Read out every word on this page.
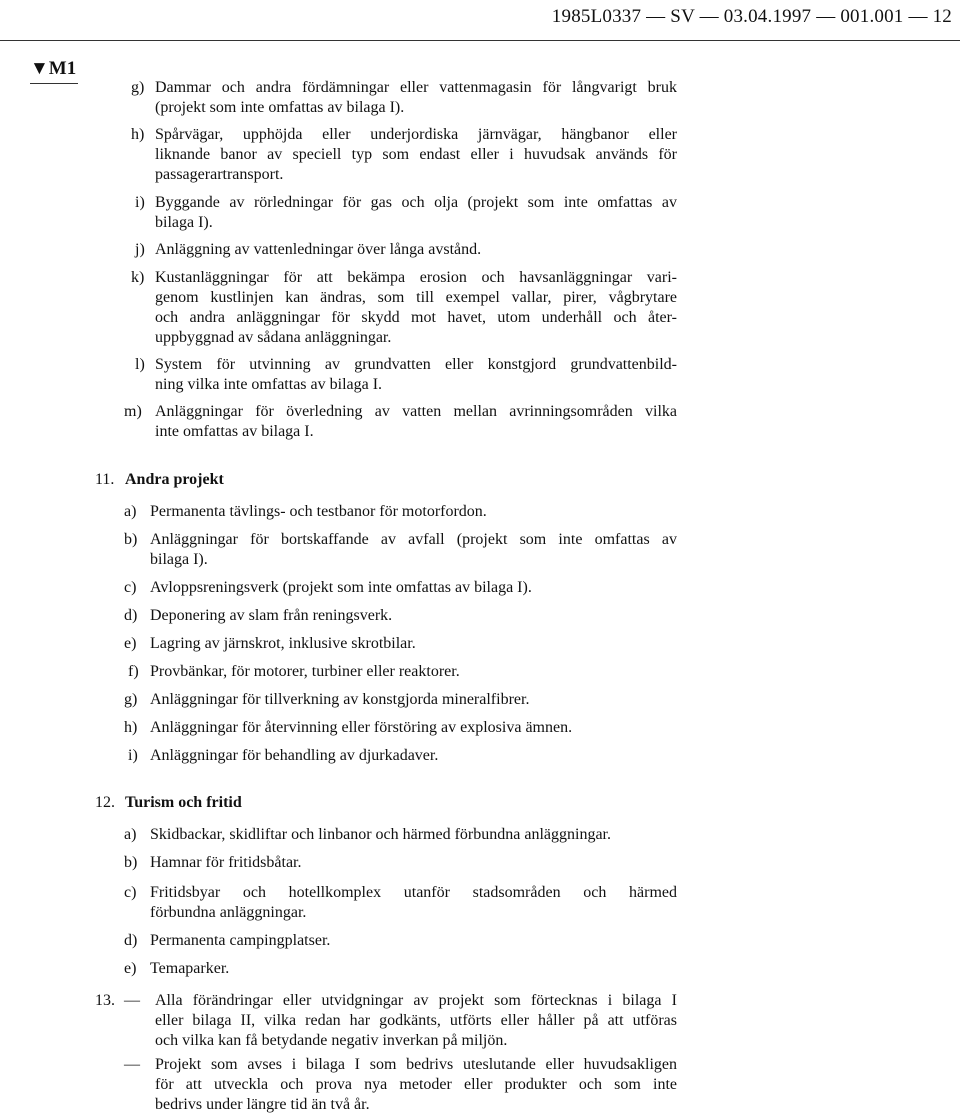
1985L0337 — SV — 03.04.1997 — 001.001 — 12
▼M1
g) Dammar och andra fördämningar eller vattenmagasin för långvarigt bruk
(projekt som inte omfattas av bilaga I).
h) Spårvägar, upphöjda eller underjordiska järnvägar, hängbanor eller
liknande banor av speciell typ som endast eller i huvudsak används för
passagerartransport.
i) Byggande av rörledningar för gas och olja (projekt som inte omfattas av
bilaga I).
j) Anläggning av vattenledningar över långa avstånd.
k) Kustanläggningar för att bekämpa erosion och havsanläggningar vari-
genom kustlinjen kan ändras, som till exempel vallar, pirer, vågbrytare
och andra anläggningar för skydd mot havet, utom underhåll och åter-
uppbyggnad av sådana anläggningar.
l) System för utvinning av grundvatten eller konstgjord grundvattenbild-
ning vilka inte omfattas av bilaga I.
m) Anläggningar för överledning av vatten mellan avrinningsområden vilka
inte omfattas av bilaga I.
11. Andra projekt
a) Permanenta tävlings- och testbanor för motorfordon.
b) Anläggningar för bortskaffande av avfall (projekt som inte omfattas av
bilaga I).
c) Avloppsreningsverk (projekt som inte omfattas av bilaga I).
d) Deponering av slam från reningsverk.
e) Lagring av järnskrot, inklusive skrotbilar.
f) Provbänkar, för motorer, turbiner eller reaktorer.
g) Anläggningar för tillverkning av konstgjorda mineralfibrer.
h) Anläggningar för återvinning eller förstöring av explosiva ämnen.
i) Anläggningar för behandling av djurkadaver.
12. Turism och fritid
a) Skidbackar, skidliftar och linbanor och härmed förbundna anläggningar.
b) Hamnar för fritidsbåtar.
c) Fritidsbyar och hotellkomplex utanför stadsområden och härmed
förbundna anläggningar.
d) Permanenta campingplatser.
e) Temaparker.
13. — Alla förändringar eller utvidgningar av projekt som förtecknas i bilaga I
eller bilaga II, vilka redan har godkänts, utförts eller håller på att utföras
och vilka kan få betydande negativ inverkan på miljön.
— Projekt som avses i bilaga I som bedrivs uteslutande eller huvudsakligen
för att utveckla och prova nya metoder eller produkter och som inte
bedrivs under längre tid än två år.
